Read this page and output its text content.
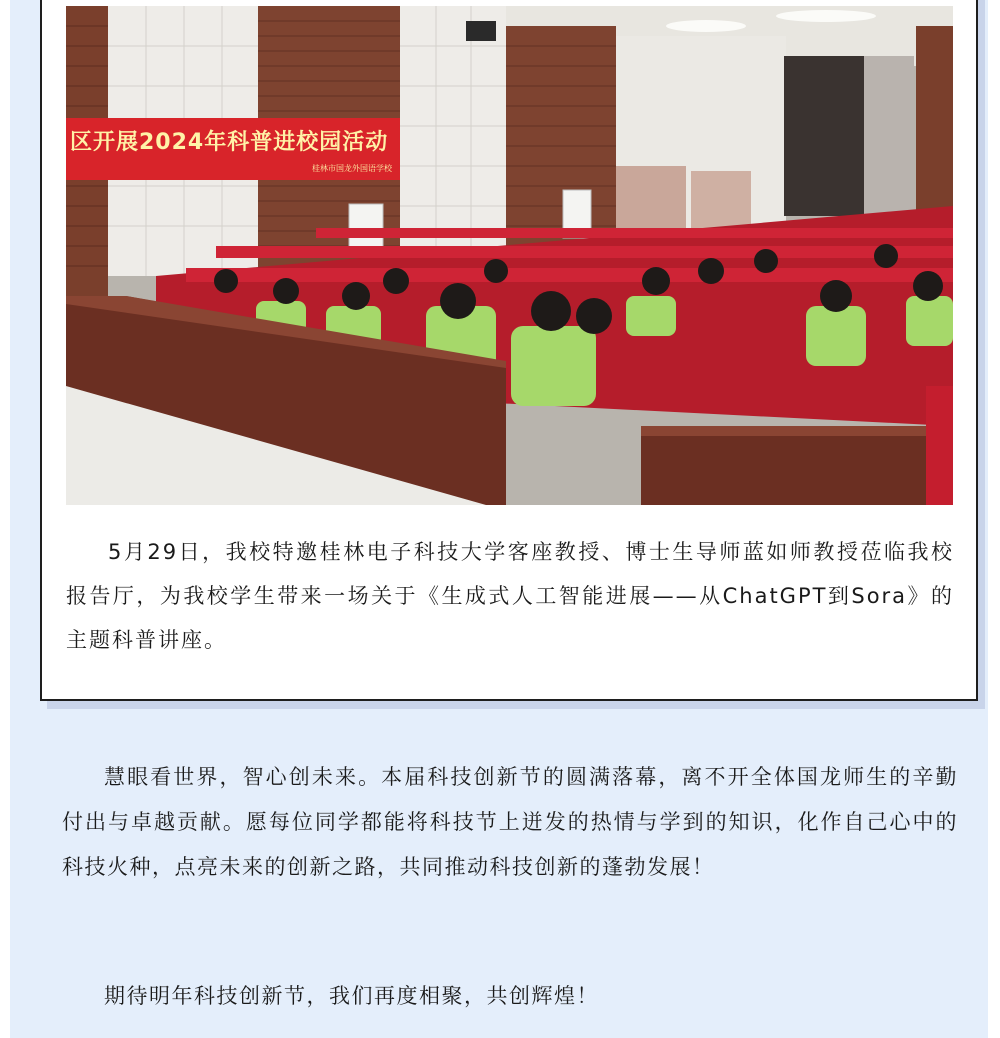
区开展2024年科普进校园活动
桂林市国龙外国语学校

5月29日，我校特邀桂林电子科技大学客座教授、博士生导师蓝如师教授莅临我校报告厅，为我校学生带来一场关于《生成式人工智能进展——从ChatGPT到Sora》的主题科普讲座。

慧眼看世界，智心创未来。本届科技创新节的圆满落幕，离不开全体国龙师生的辛勤付出与卓越贡献。愿每位同学都能将科技节上迸发的热情与学到的知识，化作自己心中的科技火种，点亮未来的创新之路，共同推动科技创新的蓬勃发展！

期待明年科技创新节，我们再度相聚，共创辉煌！
